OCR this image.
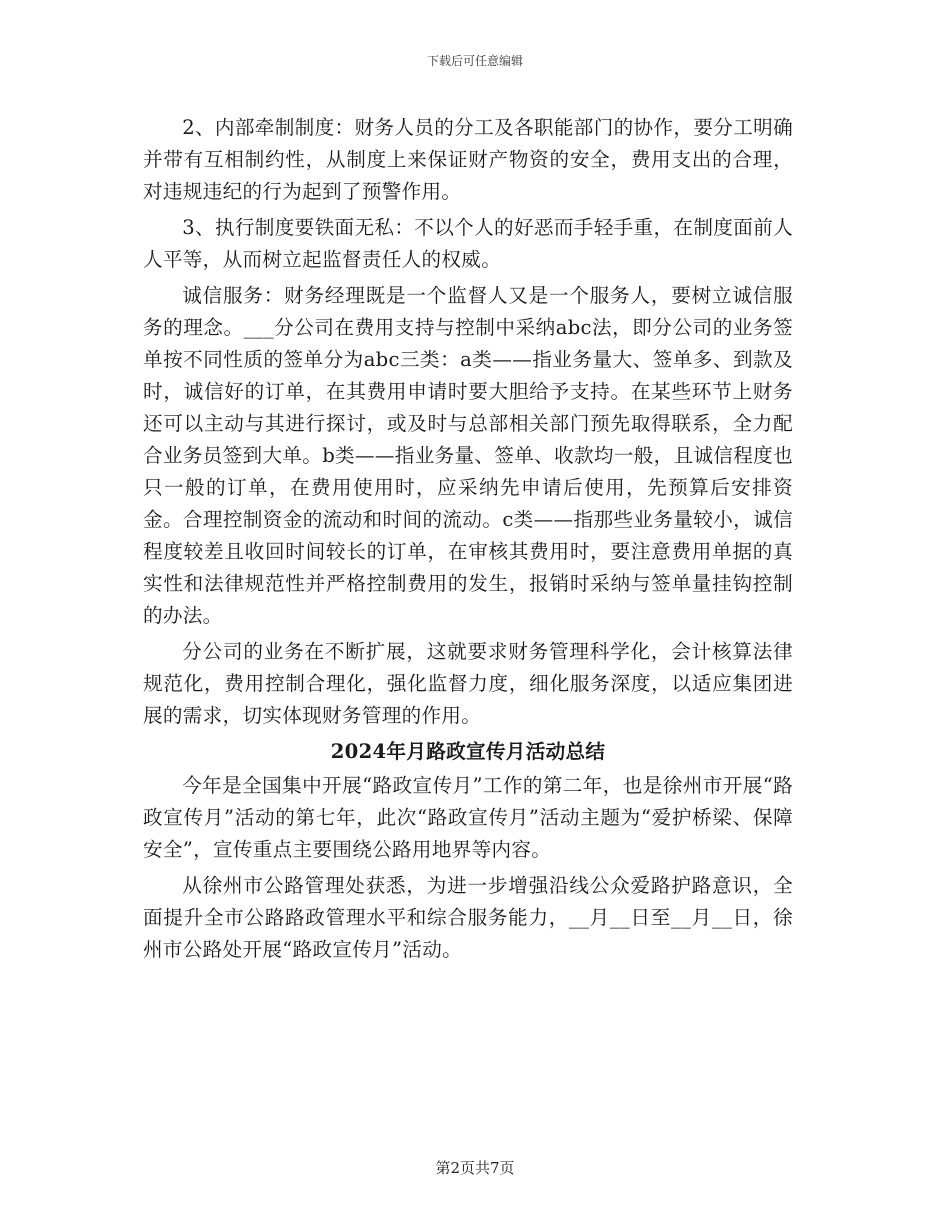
下载后可任意编辑

2、内部牵制制度：财务人员的分工及各职能部门的协作，要分工明确并带有互相制约性，从制度上来保证财产物资的安全，费用支出的合理，对违规违纪的行为起到了预警作用。

3、执行制度要铁面无私：不以个人的好恶而手轻手重，在制度面前人人平等，从而树立起监督责任人的权威。

诚信服务：财务经理既是一个监督人又是一个服务人，要树立诚信服务的理念。___分公司在费用支持与控制中采纳abc法，即分公司的业务签单按不同性质的签单分为abc三类：a类——指业务量大、签单多、到款及时，诚信好的订单，在其费用申请时要大胆给予支持。在某些环节上财务还可以主动与其进行探讨，或及时与总部相关部门预先取得联系，全力配合业务员签到大单。b类——指业务量、签单、收款均一般，且诚信程度也只一般的订单，在费用使用时，应采纳先申请后使用，先预算后安排资金。合理控制资金的流动和时间的流动。c类——指那些业务量较小，诚信程度较差且收回时间较长的订单，在审核其费用时，要注意费用单据的真实性和法律规范性并严格控制费用的发生，报销时采纳与签单量挂钩控制的办法。

分公司的业务在不断扩展，这就要求财务管理科学化，会计核算法律规范化，费用控制合理化，强化监督力度，细化服务深度，以适应集团进展的需求，切实体现财务管理的作用。

2024年月路政宣传月活动总结

今年是全国集中开展“路政宣传月”工作的第二年，也是徐州市开展“路政宣传月”活动的第七年，此次“路政宣传月”活动主题为“爱护桥梁、保障安全”，宣传重点主要围绕公路用地界等内容。

从徐州市公路管理处获悉，为进一步增强沿线公众爱路护路意识，全面提升全市公路路政管理水平和综合服务能力，__月__日至__月__日，徐州市公路处开展“路政宣传月”活动。

第2页共7页
